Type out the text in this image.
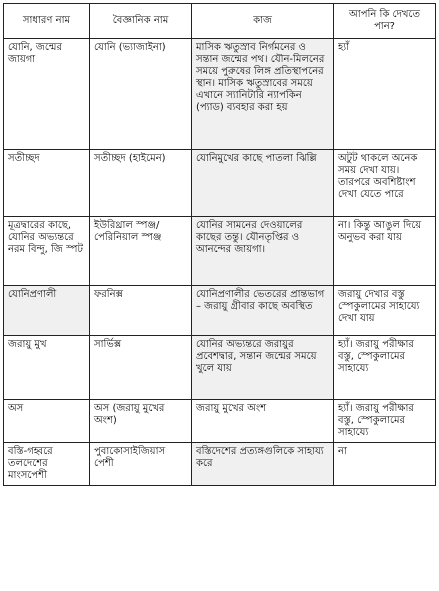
সাধারণ নাম	বৈজ্ঞানিক নাম	কাজ	আপনি কি দেখতে পান?
যোনি, জন্মের জায়গা	যোনি (ভ্যাজাইনা)	মাসিক ঋতুস্রাব নির্গমনের ও সন্তান জন্মের পথ। যৌন-মিলনের সময়ে পুরুষের লিঙ্গ প্রতিস্থাপনের স্থান। মাসিক ঋতুস্রাবের সময়ে এখানে স্যানিটারি ন্যাপকিন (প্যাড) ব্যবহার করা হয়	হ্যাঁ
সতীচ্ছদ	সতীচ্ছদ (হাইমেন)	যোনিমুখের কাছে পাতলা ঝিল্লি	অটুট থাকলে অনেক সময় দেখা যায়। তারপরে অবশিষ্টাংশ দেখা যেতে পারে
মূত্রদ্বারের কাছে, যোনির অভ্যন্তরে নরম বিন্দু, জি স্পট	ইউরিথ্রাল স্পঞ্জ/ পেরিনিয়াল স্পঞ্জ	যোনির সামনের দেওয়ালের কাছের তন্তু। যৌনতৃপ্তির ও আনন্দের জায়গা।	না। কিন্তু আঙুল দিয়ে অনুভব করা যায়
যোনিপ্রণালী	ফরনিক্স	যোনিপ্রণালীর ভেতরের প্রান্তভাগ – জরায়ু গ্রীবার কাছে অবস্থিত	জরায়ু দেখার বস্তু স্পেকুলামের সাহায্যে দেখা যায়
জরায়ু মুখ	সার্ভিক্স	যোনির অভ্যন্তরে জরায়ুর প্রবেশদ্বার, সন্তান জন্মের সময়ে খুলে যায়	হ্যাঁ। জরায়ু পরীক্ষার বস্তু, স্পেকুলামের সাহায্যে
অস	অস (জরায়ু মুখের অংশ)	জরায়ু মুখের অংশ	হ্যাঁ। জরায়ু পরীক্ষার বস্তু, স্পেকুলামের সাহায্যে
বস্তি-গহ্বরে তলদেশের মাংসপেশী	পুবাকোসাইজিয়াস পেশী	বস্তিদেশের প্রত্যঙ্গগুলিকে সাহায্য করে	না
